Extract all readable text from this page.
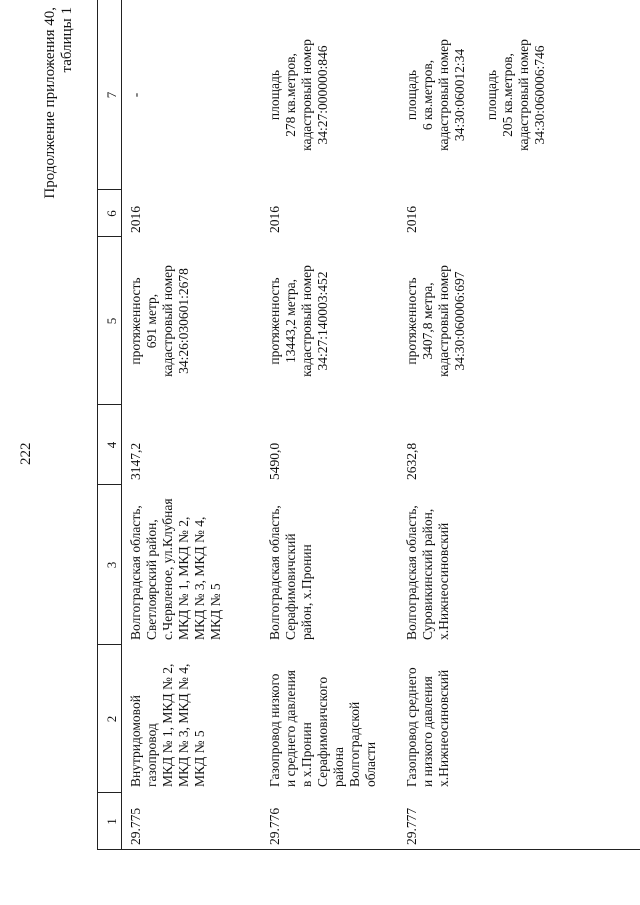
222
Продолжение приложения 40, таблицы 1
1
2
3
4
5
6
7
29.775
Внутридомовой
газопровод
МКД № 1, МКД № 2,
МКД № 3, МКД № 4,
МКД № 5
Волгоградская область,
Светлоярский район,
с.Червленое, ул.Клубная
МКД № 1, МКД № 2,
МКД № 3, МКД № 4,
МКД № 5
3147,2
протяженность
691 метр,
кадастровый номер
34:26:030601:2678
2016
-
29.776
Газопровод низкого
и среднего давления
в х.Пронин
Серафимовичского
района
Волгоградской
области
Волгоградская область,
Серафимовичский
район, х.Пронин
5490,0
протяженность
13443,2 метра,
кадастровый номер
34:27:140003:452
2016
площадь
278 кв.метров,
кадастровый номер
34:27:000000:846
29.777
Газопровод среднего
и низкого давления
х.Нижнеосиновский
Волгоградская область,
Суровикинский район,
х.Нижнеосиновский
2632,8
протяженность
3407,8 метра,
кадастровый номер
34:30:060006:697
2016
площадь
6 кв.метров,
кадастровый номер
34:30:060012:34

площадь
205 кв.метров,
кадастровый номер
34:30:060006:746
